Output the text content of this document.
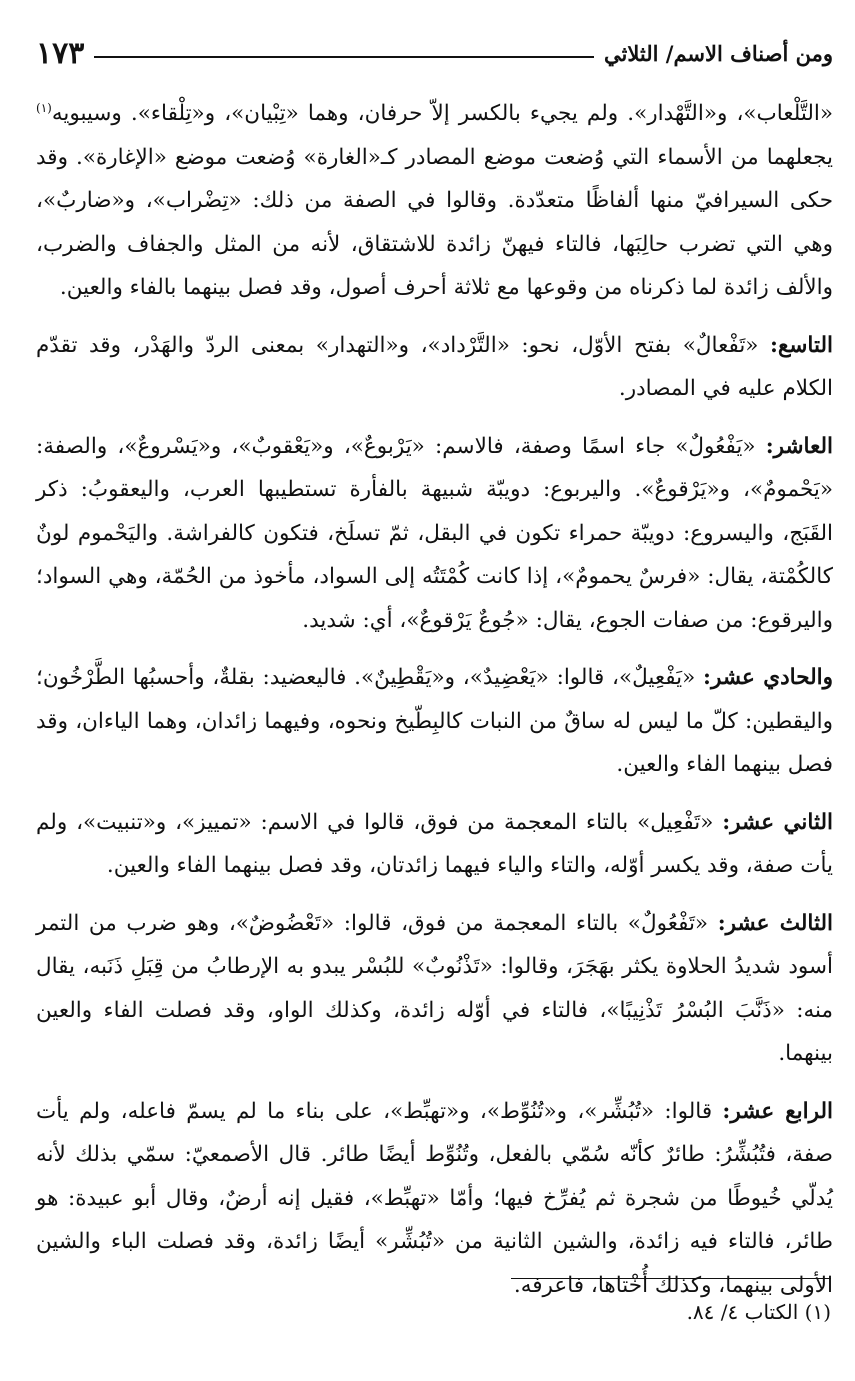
ومن أصناف الاسم/ الثلاثي
١٧٣

«التَّلْعاب»، و«التَّهْدار». ولم يجيء بالكسر إلاّ حرفان، وهما «تِبْيان»، و«تِلْقاء». وسيبويه$^{(١)}$ يجعلهما من الأسماء التي وُضعت موضع المصادر كـ«الغارة» وُضعت موضع «الإغارة». وقد حكى السيرافيّ منها ألفاظًا متعدّدة. وقالوا في الصفة من ذلك: «تِضْراب»، و«ضاربٌ»، وهي التي تضرب حالِبَها، فالتاء فيهنّ زائدة للاشتقاق، لأنه من المثل والجفاف والضرب، والألف زائدة لما ذكرناه من وقوعها مع ثلاثة أحرف أصول، وقد فصل بينهما بالفاء والعين.

التاسع: «تَفْعالٌ» بفتح الأوّل، نحو: «التَّرْداد»، و«التهدار» بمعنى الردّ والهَدْر، وقد تقدّم الكلام عليه في المصادر.

العاشر: «يَفْعُولٌ» جاء اسمًا وصفة، فالاسم: «يَرْبوعٌ»، و«يَعْقوبٌ»، و«يَسْروعٌ»، والصفة: «يَحْمومٌ»، و«يَرْقوعٌ». واليربوع: دويبّة شبيهة بالفأرة تستطيبها العرب، واليعقوبُ: ذكر القَبَج، واليسروع: دويبّة حمراء تكون في البقل، ثمّ تسلَخ، فتكون كالفراشة. واليَحْموم لونٌ كالكُمْتة، يقال: «فرسٌ يحمومٌ»، إذا كانت كُمْتَتُه إلى السواد، مأخوذ من الحُمّة، وهي السواد؛ واليرقوع: من صفات الجوع، يقال: «جُوعٌ يَرْقوعٌ»، أي: شديد.

والحادي عشر: «يَفْعِيلٌ»، قالوا: «يَعْضِيدٌ»، و«يَقْطِينٌ». فاليعضيد: بقلةٌ، وأحسبُها الطَّرْخُون؛ واليقطين: كلّ ما ليس له ساقٌ من النبات كالبِطّيخ ونحوه، وفيهما زائدان، وهما الياءان، وقد فصل بينهما الفاء والعين.

الثاني عشر: «تَفْعِيل» بالتاء المعجمة من فوق، قالوا في الاسم: «تمييز»، و«تنبيت»، ولم يأت صفة، وقد يكسر أوّله، والتاء والياء فيهما زائدتان، وقد فصل بينهما الفاء والعين.

الثالث عشر: «تَفْعُولٌ» بالتاء المعجمة من فوق، قالوا: «تَعْضُوضٌ»، وهو ضرب من التمر أسود شديدُ الحلاوة يكثر بهَجَرَ، وقالوا: «تَذْنُوبٌ» للبُسْر يبدو به الإرطابُ من قِبَلِ ذَنَبه، يقال منه: «ذَنَّبَ البُسْرُ تَذْنِيبًا»، فالتاء في أوّله زائدة، وكذلك الواو، وقد فصلت الفاء والعين بينهما.

الرابع عشر: قالوا: «تُبُشِّر»، و«تُنُوِّط»، و«تهبِّط»، على بناء ما لم يسمّ فاعله، ولم يأت صفة، فتُبُشِّرُ: طائرٌ كأنّه سُمّي بالفعل، وتُنُوِّط أيضًا طائر. قال الأصمعيّ: سمّي بذلك لأنه يُدلّي خُيوطًا من شجرة ثم يُفرِّخ فيها؛ وأمّا «تهبِّط»، فقيل إنه أرضٌ، وقال أبو عبيدة: هو طائر، فالتاء فيه زائدة، والشين الثانية من «تُبُشِّر» أيضًا زائدة، وقد فصلت الباء والشين الأولى بينهما، وكذلك أُخْتاها، فاعرفه.

(١) الكتاب ٤/ ٨٤.
